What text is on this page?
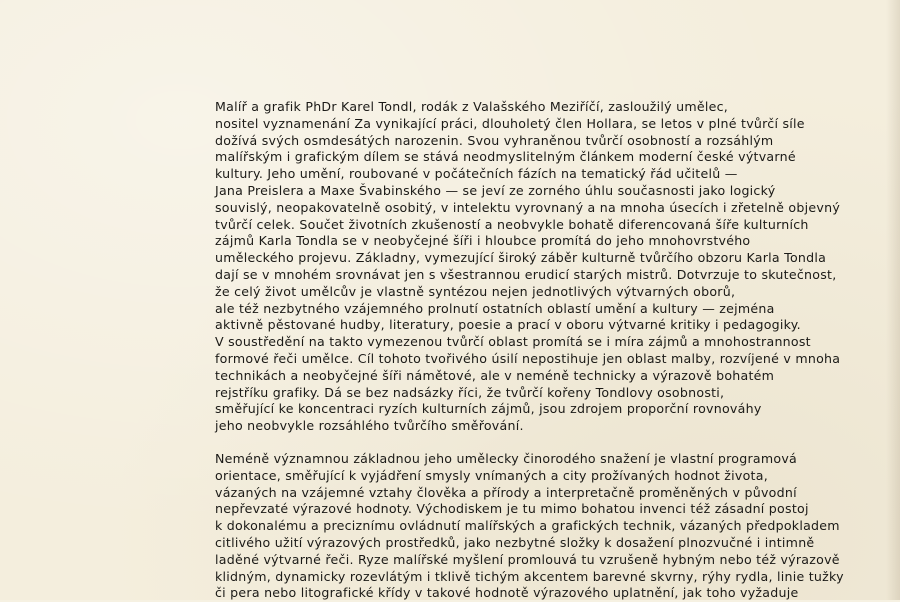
Malíř a grafik PhDr Karel Tondl, rodák z Valašského Meziříčí, zasloužilý umělec,
nositel vyznamenání Za vynikající práci, dlouholetý člen Hollara, se letos v plné tvůrčí síle
dožívá svých osmdesátých narozenin. Svou vyhraněnou tvůrčí osobností a rozsáhlým
malířským i grafickým dílem se stává neodmyslitelným článkem moderní české výtvarné
kultury. Jeho umění, roubované v počátečních fázích na tematický řád učitelů —
Jana Preislera a Maxe Švabinského — se jeví ze zorného úhlu současnosti jako logický
souvislý, neopakovatelně osobitý, v intelektu vyrovnaný a na mnoha úsecích i zřetelně objevný
tvůrčí celek. Součet životních zkušeností a neobvykle bohatě diferencovaná šíře kulturních
zájmů Karla Tondla se v neobyčejné šíři i hloubce promítá do jeho mnohovrstvého
uměleckého projevu. Základny, vymezující široký záběr kulturně tvůrčího obzoru Karla Tondla
dají se v mnohém srovnávat jen s všestrannou erudicí starých mistrů. Dotvrzuje to skutečnost,
že celý život umělcův je vlastně syntézou nejen jednotlivých výtvarných oborů,
ale též nezbytného vzájemného prolnutí ostatních oblastí umění a kultury — zejména
aktivně pěstované hudby, literatury, poesie a prací v oboru výtvarné kritiky i pedagogiky.
V soustředění na takto vymezenou tvůrčí oblast promítá se i míra zájmů a mnohostrannost
formové řeči umělce. Cíl tohoto tvořivého úsilí nepostihuje jen oblast malby, rozvíjené v mnoha
technikách a neobyčejné šíři námětové, ale v neméně technicky a výrazově bohatém
rejstříku grafiky. Dá se bez nadsázky říci, že tvůrčí kořeny Tondlovy osobnosti,
směřující ke koncentraci ryzích kulturních zájmů, jsou zdrojem proporční rovnováhy
jeho neobvykle rozsáhlého tvůrčího směřování.
Neméně významnou základnou jeho umělecky činorodého snažení je vlastní programová
orientace, směřující k vyjádření smysly vnímaných a city prožívaných hodnot života,
vázaných na vzájemné vztahy člověka a přírody a interpretačně proměněných v původní
nepřevzaté výrazové hodnoty. Východiskem je tu mimo bohatou invenci též zásadní postoj
k dokonalému a preciznímu ovládnutí malířských a grafických technik, vázaných předpokladem
citlivého užití výrazových prostředků, jako nezbytné složky k dosažení plnozvučné i intimně
laděné výtvarné řeči. Ryze malířské myšlení promlouvá tu vzrušeně hybným nebo též výrazově
klidným, dynamicky rozevlátým i tklivě tichým akcentem barevné skvrny, rýhy rydla, linie tužky
či pera nebo litografické křídy v takové hodnotě výrazového uplatnění, jak toho vyžaduje
